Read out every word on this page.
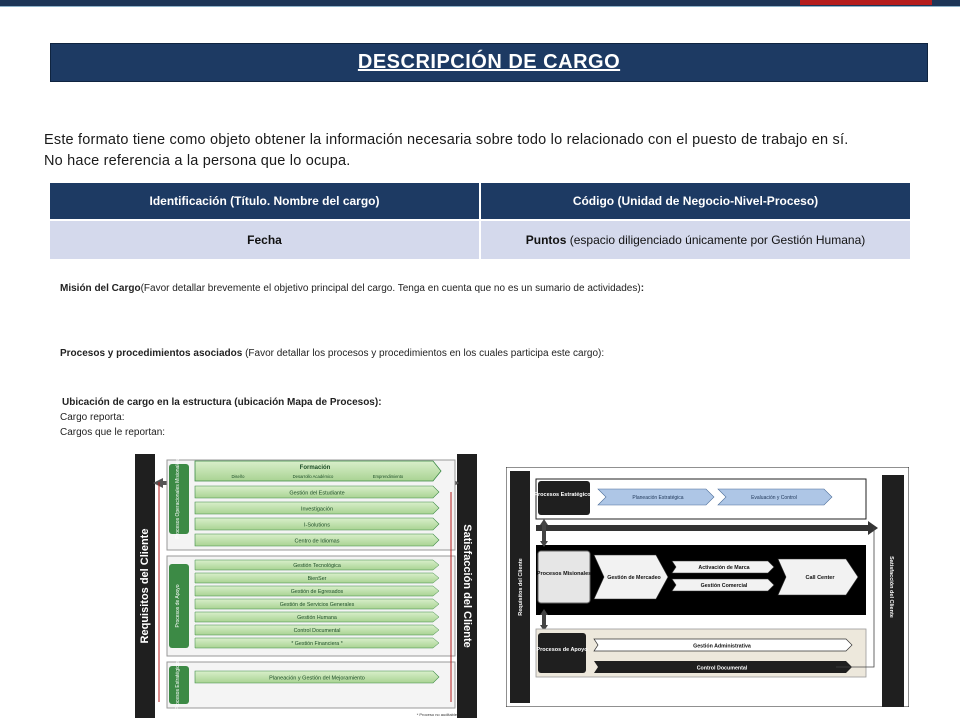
DESCRIPCIÓN DE CARGO
Este formato tiene como objeto obtener la información necesaria sobre todo lo relacionado con el puesto de trabajo en sí.
No hace referencia a la persona que lo ocupa.
Identificación (Título. Nombre del cargo)	Código (Unidad de Negocio-Nivel-Proceso)
Fecha	Puntos (espacio diligenciado únicamente por Gestión Humana)
Misión del Cargo(Favor detallar brevemente el objetivo principal del cargo. Tenga en cuenta que no es un sumario de actividades):
Procesos y procedimientos asociados (Favor detallar los procesos y procedimientos en los cuales participa este cargo):
Ubicación de cargo en la estructura (ubicación Mapa de Procesos):
Cargo reporta:
Cargos que le reportan:
Requisitos del Cliente	Satisfacción del Cliente
Procesos Operacionales Misionales	Formación
Diseño	Desarrollo Académico	Emprendimiento
Gestión del Estudiante
Investigación
I-Solutions
Centro de Idiomas
Procesos de Apoyo
Gestión Tecnológica
BienSer
Gestión de Egresados
Gestión de Servicios Generales
Gestión Humana
Control Documental
* Gestión Financiera *
Procesos Estratégicos	Planeación y Gestión del Mejoramiento
* Proceso no auditable
Requisitos del Cliente	Satisfacción del Cliente
Procesos Estratégicos	Planeación Estratégica	Evaluación y Control
Procesos Misionales
Gestión de Mercadeo
Activación de Marca
Gestión Comercial
Call Center
Procesos de Apoyo
Gestión Administrativa
Control Documental
